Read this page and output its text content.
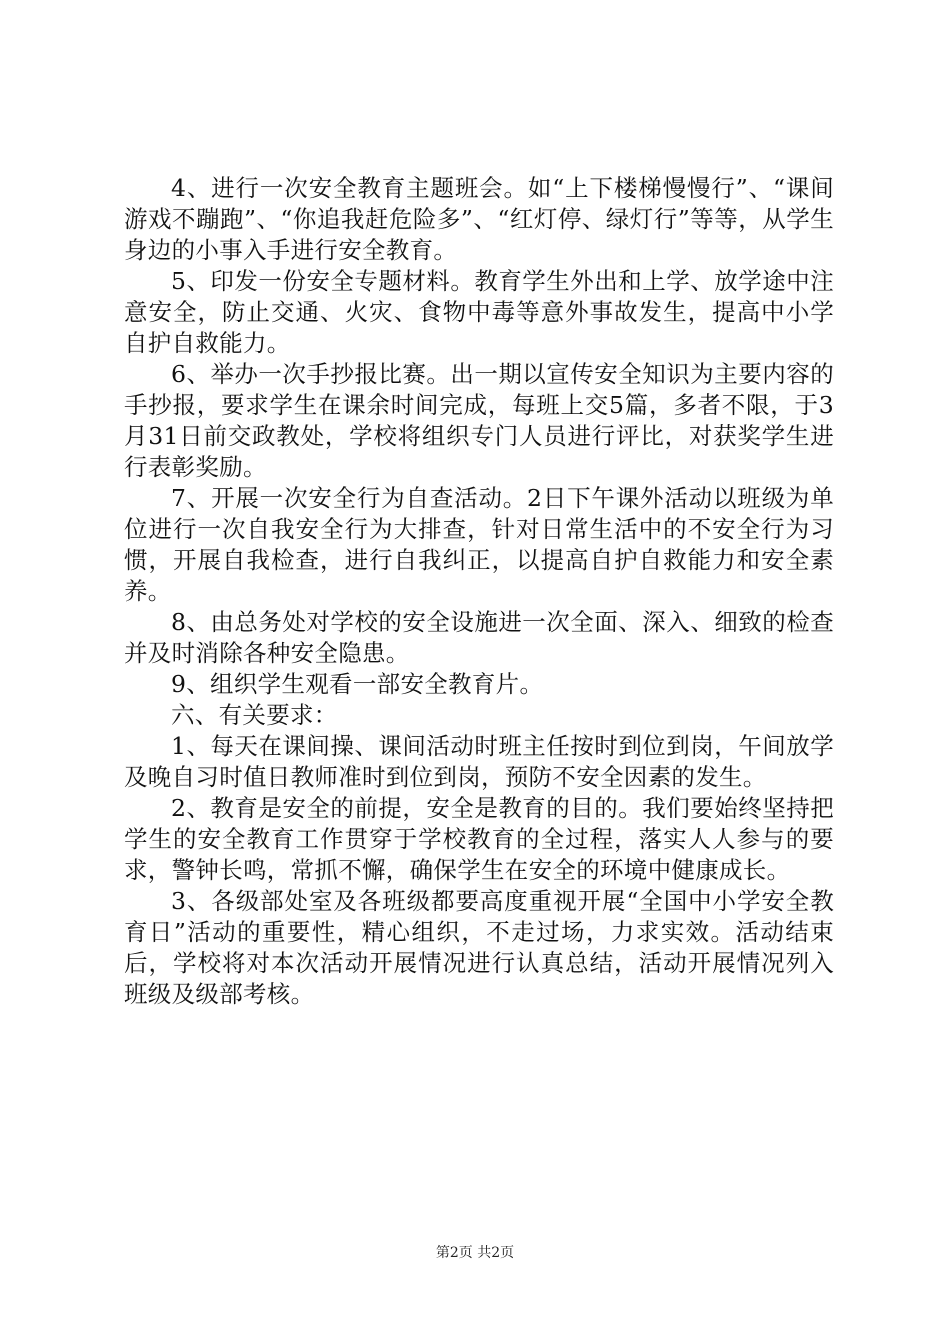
4、进行一次安全教育主题班会。如“上下楼梯慢慢行”、“课间游戏不蹦跑”、“你追我赶危险多”、“红灯停、绿灯行”等等，从学生身边的小事入手进行安全教育。

5、印发一份安全专题材料。教育学生外出和上学、放学途中注意安全，防止交通、火灾、食物中毒等意外事故发生，提高中小学自护自救能力。

6、举办一次手抄报比赛。出一期以宣传安全知识为主要内容的手抄报，要求学生在课余时间完成，每班上交5篇，多者不限，于3月31日前交政教处，学校将组织专门人员进行评比，对获奖学生进行表彰奖励。

7、开展一次安全行为自查活动。2日下午课外活动以班级为单位进行一次自我安全行为大排查，针对日常生活中的不安全行为习惯，开展自我检查，进行自我纠正，以提高自护自救能力和安全素养。

8、由总务处对学校的安全设施进一次全面、深入、细致的检查并及时消除各种安全隐患。

9、组织学生观看一部安全教育片。

六、有关要求：

1、每天在课间操、课间活动时班主任按时到位到岗，午间放学及晚自习时值日教师准时到位到岗，预防不安全因素的发生。

2、教育是安全的前提，安全是教育的目的。我们要始终坚持把学生的安全教育工作贯穿于学校教育的全过程，落实人人参与的要求，警钟长鸣，常抓不懈，确保学生在安全的环境中健康成长。

3、各级部处室及各班级都要高度重视开展“全国中小学安全教育日”活动的重要性，精心组织，不走过场，力求实效。活动结束后，学校将对本次活动开展情况进行认真总结，活动开展情况列入班级及级部考核。

第2页 共2页
